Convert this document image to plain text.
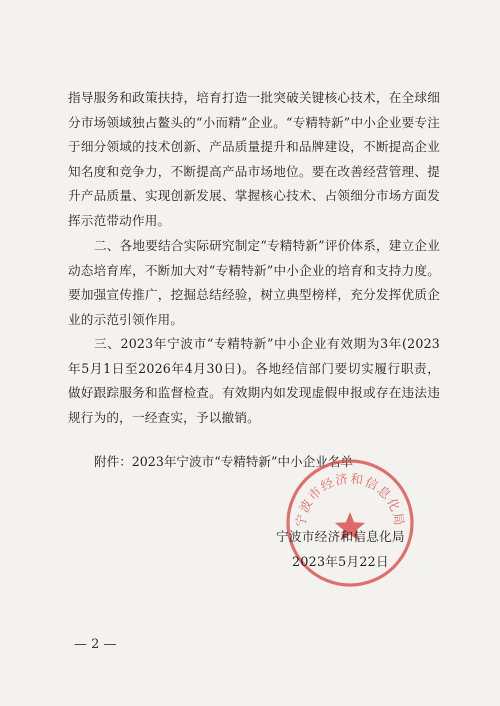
指导服务和政策扶持，培育打造一批突破关键核心技术，在全球细分市场领域独占鳌头的“小而精”企业。“专精特新”中小企业要专注于细分领域的技术创新、产品质量提升和品牌建设，不断提高企业知名度和竞争力，不断提高产品市场地位。要在改善经营管理、提升产品质量、实现创新发展、掌握核心技术、占领细分市场方面发挥示范带动作用。

二、各地要结合实际研究制定“专精特新”评价体系，建立企业动态培育库，不断加大对“专精特新”中小企业的培育和支持力度。要加强宣传推广，挖掘总结经验，树立典型榜样，充分发挥优质企业的示范引领作用。

三、2023年宁波市“专精特新”中小企业有效期为3年(2023年5月1日至2026年4月30日)。各地经信部门要切实履行职责，做好跟踪服务和监督检查。有效期内如发现虚假申报或存在违法违规行为的，一经查实，予以撤销。

附件：2023年宁波市“专精特新”中小企业名单

宁波市经济和信息化局

宁波市经济和信息化局

2023年5月22日

— 2 —
